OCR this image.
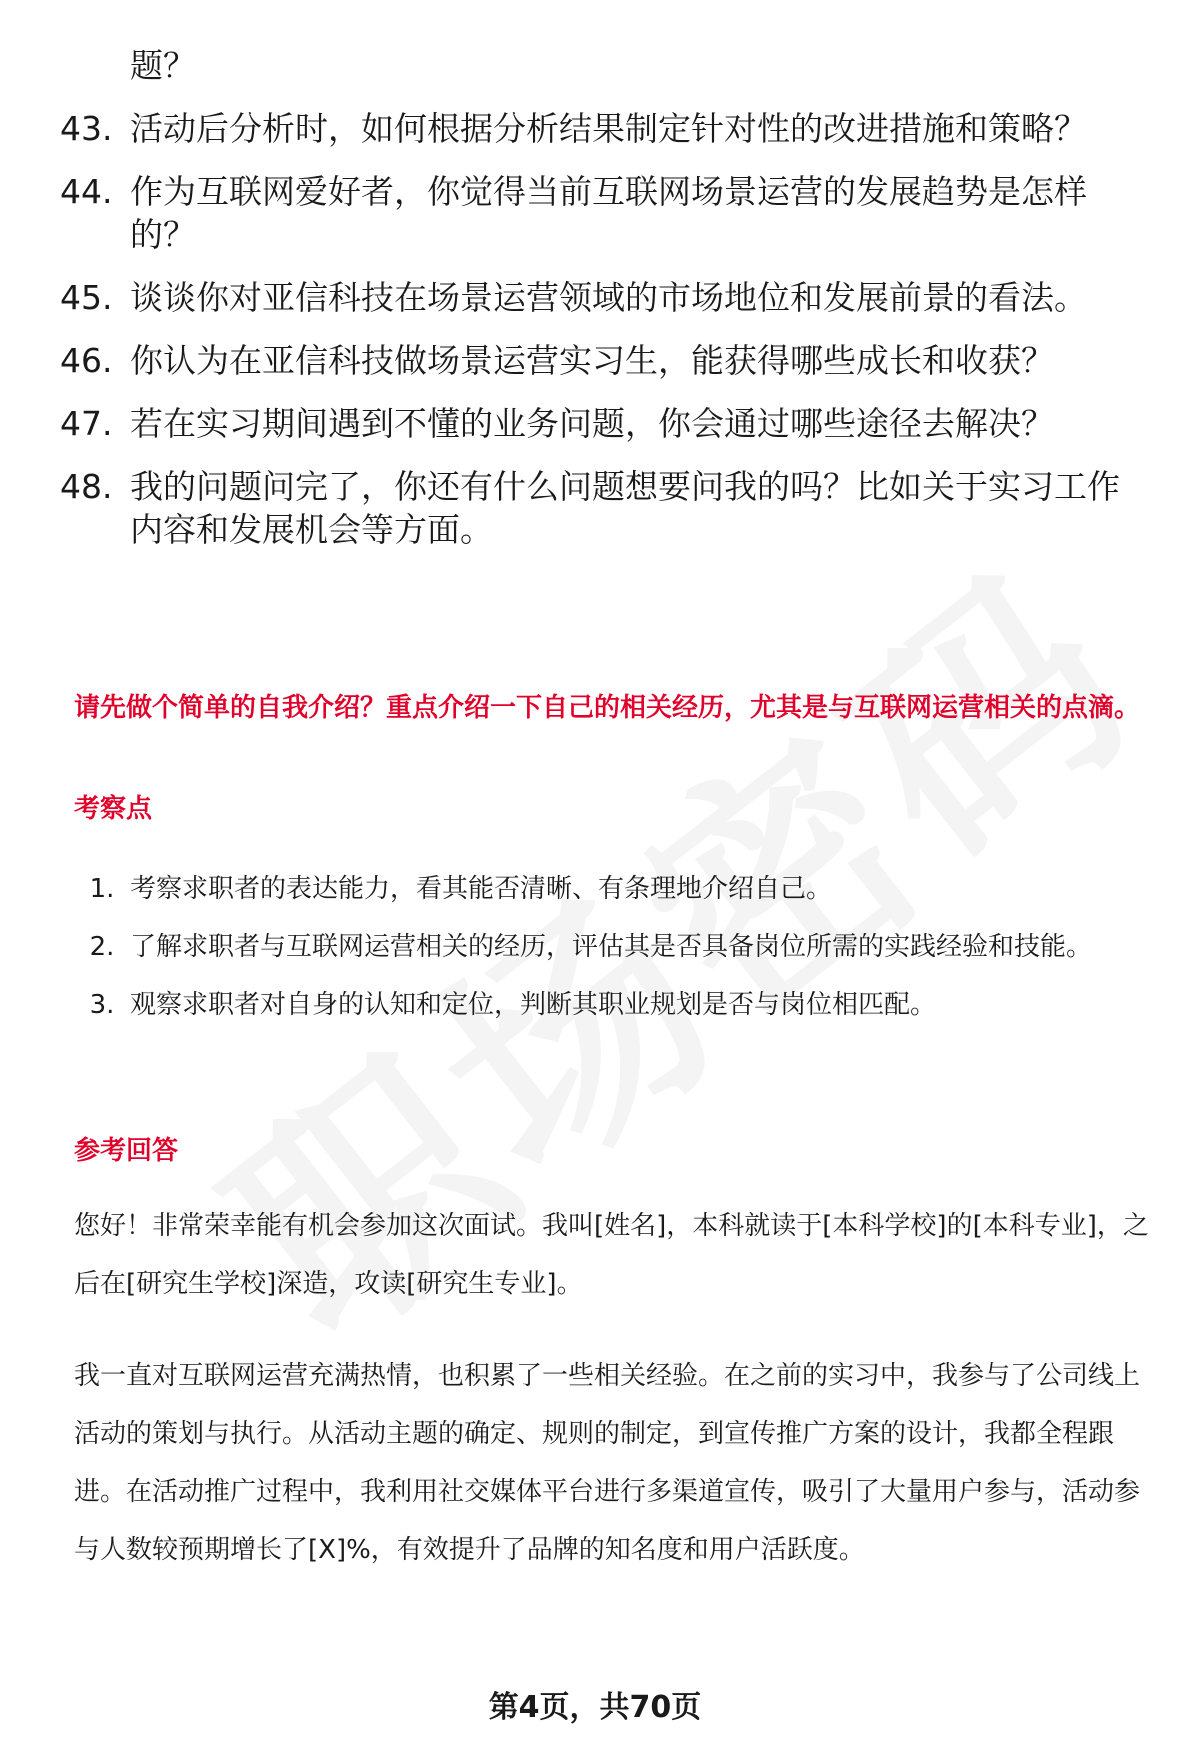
题？
43. 活动后分析时，如何根据分析结果制定针对性的改进措施和策略？
44. 作为互联网爱好者，你觉得当前互联网场景运营的发展趋势是怎样的？
45. 谈谈你对亚信科技在场景运营领域的市场地位和发展前景的看法。
46. 你认为在亚信科技做场景运营实习生，能获得哪些成长和收获？
47. 若在实习期间遇到不懂的业务问题，你会通过哪些途径去解决？
48. 我的问题问完了，你还有什么问题想要问我的吗？比如关于实习工作内容和发展机会等方面。
请先做个简单的自我介绍？重点介绍一下自己的相关经历，尤其是与互联网运营相关的点滴。
考察点
1. 考察求职者的表达能力，看其能否清晰、有条理地介绍自己。
2. 了解求职者与互联网运营相关的经历，评估其是否具备岗位所需的实践经验和技能。
3. 观察求职者对自身的认知和定位，判断其职业规划是否与岗位相匹配。
参考回答
您好！非常荣幸能有机会参加这次面试。我叫[姓名]，本科就读于[本科学校]的[本科专业]，之后在[研究生学校]深造，攻读[研究生专业]。
我一直对互联网运营充满热情，也积累了一些相关经验。在之前的实习中，我参与了公司线上活动的策划与执行。从活动主题的确定、规则的制定，到宣传推广方案的设计，我都全程跟进。在活动推广过程中，我利用社交媒体平台进行多渠道宣传，吸引了大量用户参与，活动参与人数较预期增长了[X]%，有效提升了品牌的知名度和用户活跃度。
第4页，共70页
